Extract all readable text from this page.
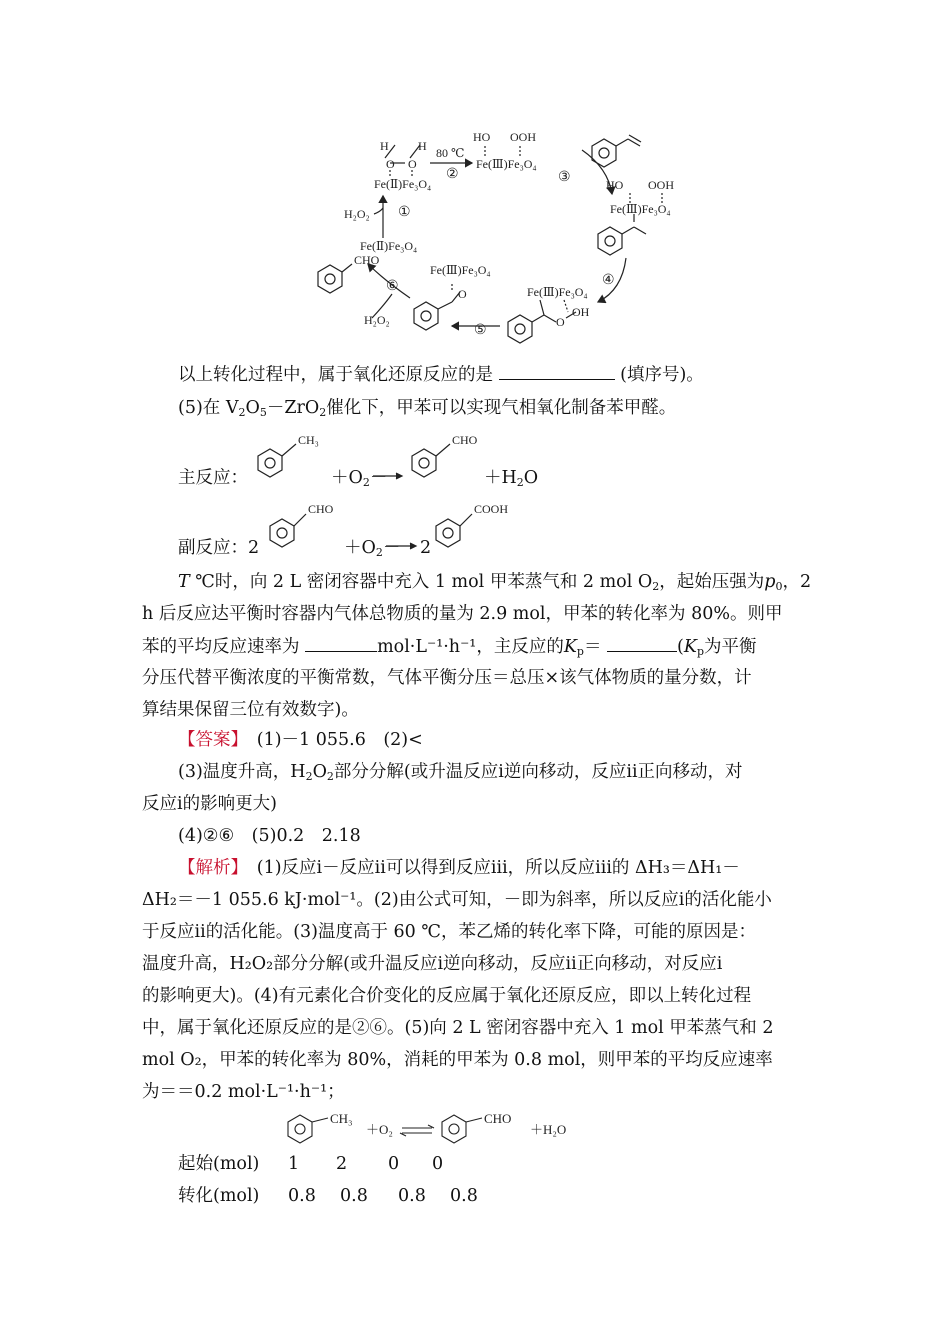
H H
O O
Fe(Ⅱ)Fe₃O₄
80 ℃
②
HO OOH
Fe(Ⅲ)Fe₃O₄
③	HO OOH
Fe(Ⅲ)Fe₃O₄
④
Fe(Ⅲ)Fe₃O₄
O
OH
⑤
Fe(Ⅲ)Fe₃O₄
O
⑥
H₂O₂
CHO
Fe(Ⅱ)Fe₃O₄
H₂O₂ ①
以上转化过程中，属于氧化还原反应的是	(填序号)。
(5)在 $V_2O_5-ZrO_2$催化下，甲苯可以实现气相氧化制备苯甲醛。
主反应：
CH₃	CHO
$+O_2-$	$+H_2O$
副反应：2
CHO	COOH
$+O_2- 2$
T ℃时，向 2 L 密闭容器中充入 1 mol 甲苯蒸气和 2 mol $O_2$，起始压强为$p_0$，2
h 后反应达平衡时容器内气体总物质的量为 2.9 mol，甲苯的转化率为 80%。则甲
苯的平均反应速率为	mol·L⁻¹·h⁻¹，主反应的$K_p=$	($K_p$为平衡
分压代替平衡浓度的平衡常数，气体平衡分压＝总压×该气体物质的量分数，计
算结果保留三位有效数字)。
【答案】　 (1)－1 055.6　(2)<
(3)温度升高，$H_2O_2$部分分解(或升温反应ⅰ逆向移动，反应ⅱ正向移动，对
反应ⅰ的影响更大)
(4)②⑥　(5)0.2　2.18
【解析】　 (1)反应ⅰ－反应ⅱ可以得到反应ⅲ，所以反应ⅲ的 ΔH₃＝ΔH₁－
ΔH₂＝－1 055.6 kJ·mol⁻¹。(2)由公式可知，－即为斜率，所以反应ⅰ的活化能小
于反应ⅱ的活化能。(3)温度高于 60 ℃，苯乙烯的转化率下降，可能的原因是：
温度升高，H₂O₂部分分解(或升温反应ⅰ逆向移动，反应ⅱ正向移动，对反应ⅰ
的影响更大)。(4)有元素化合价变化的反应属于氧化还原反应，即以上转化过程
中，属于氧化还原反应的是②⑥。(5)向 2 L 密闭容器中充入 1 mol 甲苯蒸气和 2
mol O₂，甲苯的转化率为 80%，消耗的甲苯为 0.8 mol，则甲苯的平均反应速率
为＝＝0.2 mol·L⁻¹·h⁻¹；
CH₃
＋O₂
CHO
＋H₂O
起始(mol) 1 2 0 0
转化(mol) 0.8 0.8 0.8 0.8
